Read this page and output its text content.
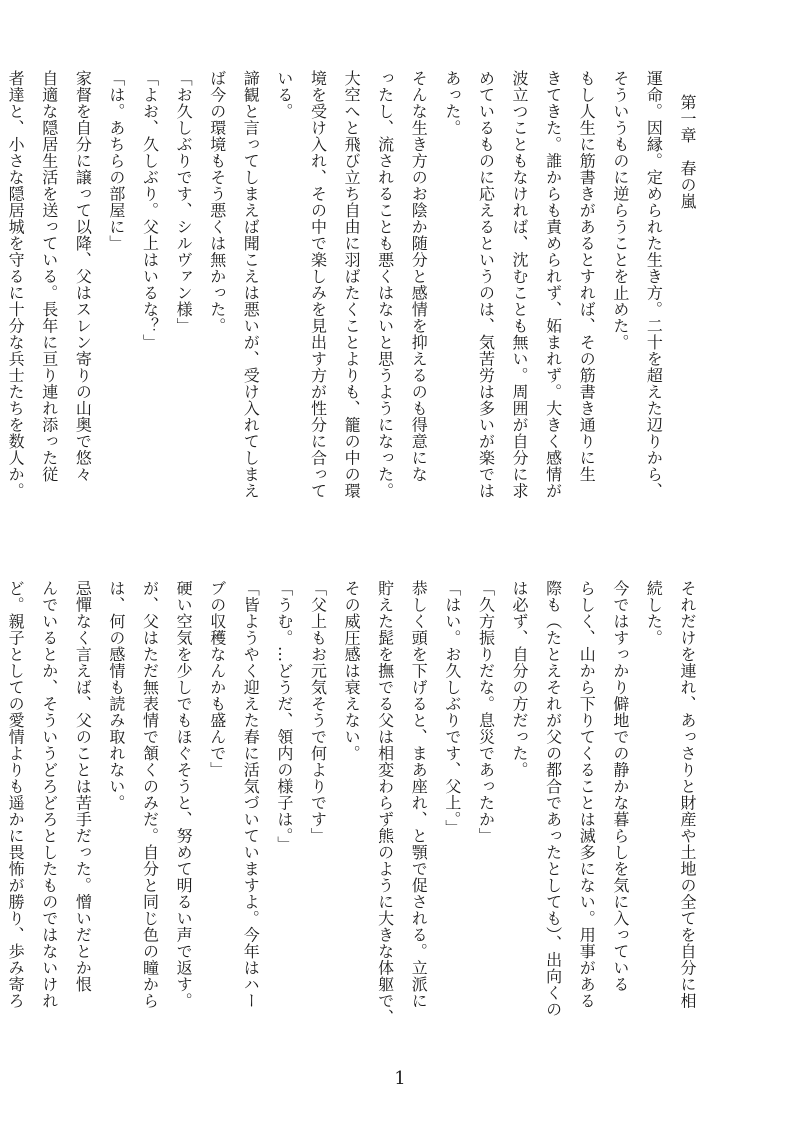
第一章　春の嵐
運命。因縁。定められた生き方。二十を超えた辺りから、
そういうものに逆らうことを止めた。
もし人生に筋書きがあるとすれば、その筋書き通りに生
きてきた。誰からも責められず、妬まれず。大きく感情が
波立つこともなければ、沈むことも無い。周囲が自分に求
めているものに応えるというのは、気苦労は多いが楽では
あった。
そんな生き方のお陰か随分と感情を抑えるのも得意にな
ったし、流されることも悪くはないと思うようになった。
大空へと飛び立ち自由に羽ばたくことよりも、籠の中の環
境を受け入れ、その中で楽しみを見出す方が性分に合って
いる。
諦観と言ってしまえば聞こえは悪いが、受け入れてしまえ
ば今の環境もそう悪くは無かった。
「お久しぶりです、シルヴァン様」
「よお、久しぶり。父上はいるな？」
「は。あちらの部屋に」
家督を自分に譲って以降、父はスレン寄りの山奥で悠々
自適な隠居生活を送っている。長年に亘り連れ添った従
者達と、小さな隠居城を守るに十分な兵士たちを数人か。
それだけを連れ、あっさりと財産や土地の全てを自分に相
続した。
今ではすっかり僻地での静かな暮らしを気に入っている
らしく、山から下りてくることは滅多にない。用事がある
際も（たとえそれが父の都合であったとしても）、出向くの
は必ず、自分の方だった。
「久方振りだな。息災であったか」
「はい。お久しぶりです、父上。」
恭しく頭を下げると、まあ座れ、と顎で促される。立派に
貯えた髭を撫でる父は相変わらず熊のように大きな体躯で、
その威圧感は衰えない。
「父上もお元気そうで何よりです」
「うむ。…どうだ、領内の様子は。」
「皆ようやく迎えた春に活気づいていますよ。今年はハー
ブの収穫なんかも盛んで」
硬い空気を少しでもほぐそうと、努めて明るい声で返す。
が、父はただ無表情で頷くのみだ。自分と同じ色の瞳から
は、何の感情も読み取れない。
忌憚なく言えば、父のことは苦手だった。憎いだとか恨
んでいるとか、そういうどろどろとしたものではないけれ
ど。親子としての愛情よりも遥かに畏怖が勝り、歩み寄ろ
1
